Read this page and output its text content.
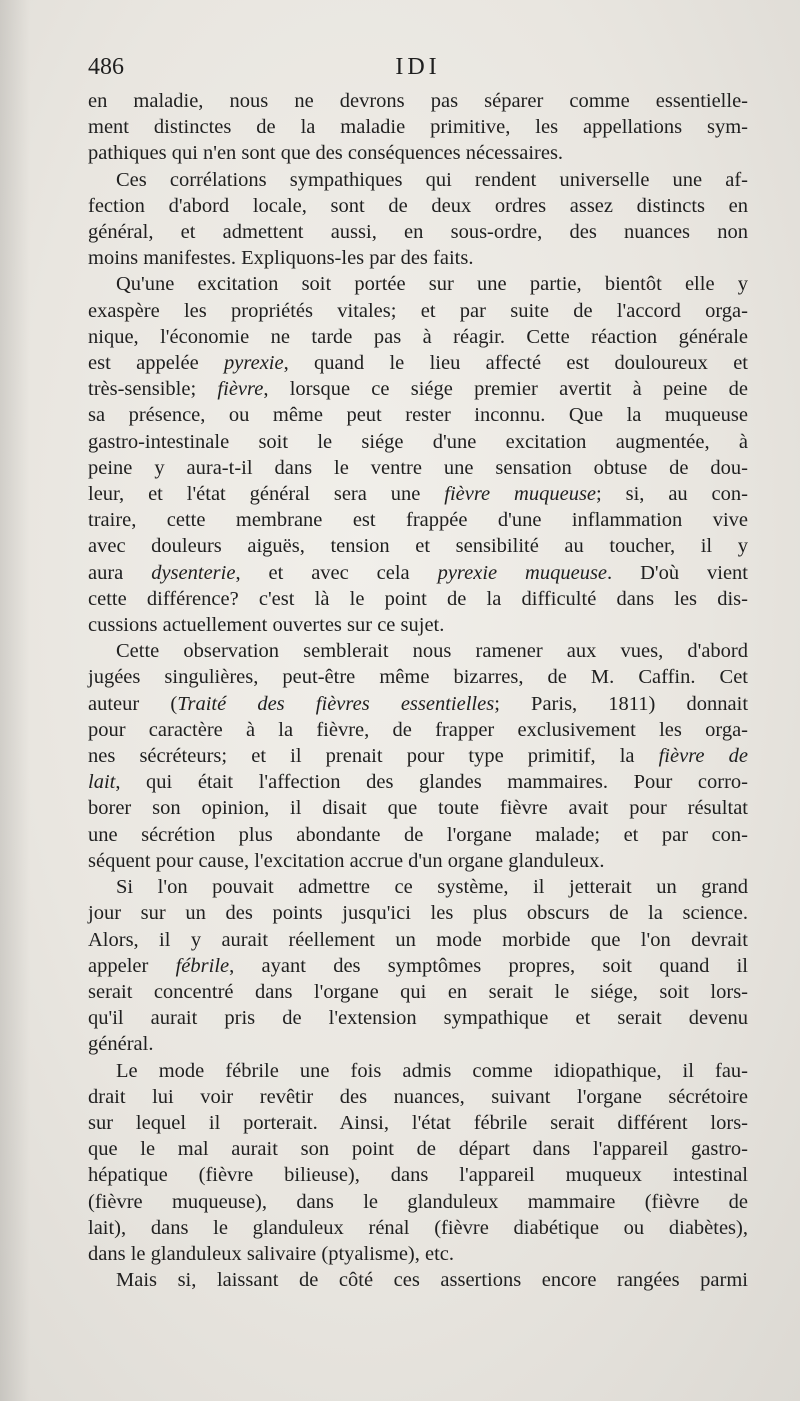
486	IDI

en maladie, nous ne devrons pas séparer comme essentielle-

ment distinctes de la maladie primitive, les appellations sym-

pathiques qui n'en sont que des conséquences nécessaires.

Ces corrélations sympathiques qui rendent universelle une af-

fection d'abord locale, sont de deux ordres assez distincts en

général, et admettent aussi, en sous-ordre, des nuances non

moins manifestes. Expliquons-les par des faits.

Qu'une excitation soit portée sur une partie, bientôt elle y

exaspère les propriétés vitales; et par suite de l'accord orga-

nique, l'économie ne tarde pas à réagir. Cette réaction générale

est appelée pyrexie, quand le lieu affecté est douloureux et

très-sensible; fièvre, lorsque ce siége premier avertit à peine de

sa présence, ou même peut rester inconnu. Que la muqueuse

gastro-intestinale soit le siége d'une excitation augmentée, à

peine y aura-t-il dans le ventre une sensation obtuse de dou-

leur, et l'état général sera une fièvre muqueuse; si, au con-

traire, cette membrane est frappée d'une inflammation vive

avec douleurs aiguës, tension et sensibilité au toucher, il y

aura dysenterie, et avec cela pyrexie muqueuse. D'où vient

cette différence? c'est là le point de la difficulté dans les dis-

cussions actuellement ouvertes sur ce sujet.

Cette observation semblerait nous ramener aux vues, d'abord

jugées singulières, peut-être même bizarres, de M. Caffin. Cet

auteur (Traité des fièvres essentielles; Paris, 1811) donnait

pour caractère à la fièvre, de frapper exclusivement les orga-

nes sécréteurs; et il prenait pour type primitif, la fièvre de

lait, qui était l'affection des glandes mammaires. Pour corro-

borer son opinion, il disait que toute fièvre avait pour résultat

une sécrétion plus abondante de l'organe malade; et par con-

séquent pour cause, l'excitation accrue d'un organe glanduleux.

Si l'on pouvait admettre ce système, il jetterait un grand

jour sur un des points jusqu'ici les plus obscurs de la science.

Alors, il y aurait réellement un mode morbide que l'on devrait

appeler fébrile, ayant des symptômes propres, soit quand il

serait concentré dans l'organe qui en serait le siége, soit lors-

qu'il aurait pris de l'extension sympathique et serait devenu

général.

Le mode fébrile une fois admis comme idiopathique, il fau-

drait lui voir revêtir des nuances, suivant l'organe sécrétoire

sur lequel il porterait. Ainsi, l'état fébrile serait différent lors-

que le mal aurait son point de départ dans l'appareil gastro-

hépatique (fièvre bilieuse), dans l'appareil muqueux intestinal

(fièvre muqueuse), dans le glanduleux mammaire (fièvre de

lait), dans le glanduleux rénal (fièvre diabétique ou diabètes),

dans le glanduleux salivaire (ptyalisme), etc.

Mais si, laissant de côté ces assertions encore rangées parmi
